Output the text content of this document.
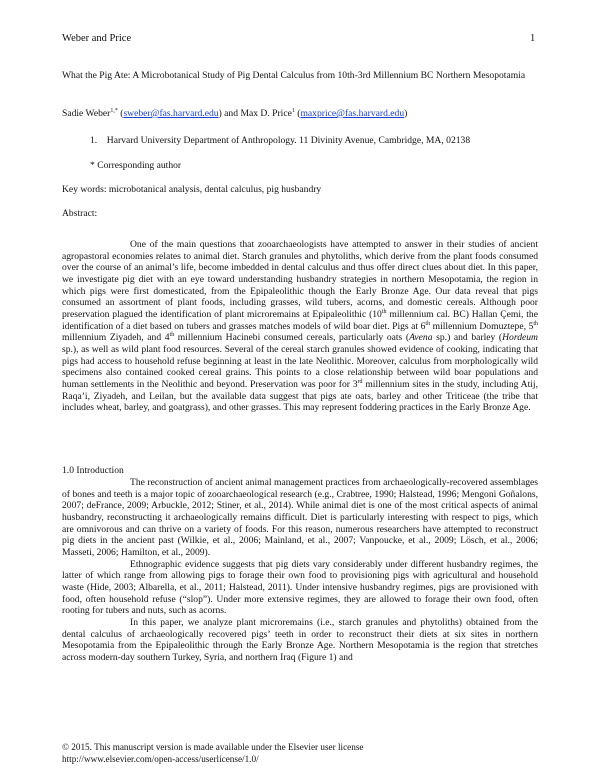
Weber and Price	1
What the Pig Ate: A Microbotanical Study of Pig Dental Calculus from 10th-3rd Millennium BC Northern Mesopotamia
Sadie Weber$^{1,*}$ (sweber@fas.harvard.edu) and Max D. Price$^1$ (maxprice@fas.harvard.edu)
1.    Harvard University Department of Anthropology. 11 Divinity Avenue, Cambridge, MA, 02138
* Corresponding author
Key words: microbotanical analysis, dental calculus, pig husbandry
Abstract:

One of the main questions that zooarchaeologists have attempted to answer in their studies of ancient agropastoral economies relates to animal diet. Starch granules and phytoliths, which derive from the plant foods consumed over the course of an animal’s life, become imbedded in dental calculus and thus offer direct clues about diet. In this paper, we investigate pig diet with an eye toward understanding husbandry strategies in northern Mesopotamia, the region in which pigs were first domesticated, from the Epipaleolithic though the Early Bronze Age. Our data reveal that pigs consumed an assortment of plant foods, including grasses, wild tubers, acorns, and domestic cereals. Although poor preservation plagued the identification of plant microremains at Epipaleolithic (10th millennium cal. BC) Hallan Çemi, the identification of a diet based on tubers and grasses matches models of wild boar diet. Pigs at 6th millennium Domuztepe, 5th millennium Ziyadeh, and 4th millennium Hacinebi consumed cereals, particularly oats (Avena sp.) and barley (Hordeum sp.), as well as wild plant food resources. Several of the cereal starch granules showed evidence of cooking, indicating that pigs had access to household refuse beginning at least in the late Neolithic. Moreover, calculus from morphologically wild specimens also contained cooked cereal grains. This points to a close relationship between wild boar populations and human settlements in the Neolithic and beyond. Preservation was poor for 3rd millennium sites in the study, including Atij, Raqa’i, Ziyadeh, and Leilan, but the available data suggest that pigs ate oats, barley and other Triticeae (the tribe that includes wheat, barley, and goatgrass), and other grasses. This may represent foddering practices in the Early Bronze Age.

1.0 Introduction

The reconstruction of ancient animal management practices from archaeologically-recovered assemblages of bones and teeth is a major topic of zooarchaeological research (e.g., Crabtree, 1990; Halstead, 1996; Mengoni Goñalons, 2007; deFrance, 2009; Arbuckle, 2012; Stiner, et al., 2014). While animal diet is one of the most critical aspects of animal husbandry, reconstructing it archaeologically remains difficult. Diet is particularly interesting with respect to pigs, which are omnivorous and can thrive on a variety of foods. For this reason, numerous researchers have attempted to reconstruct pig diets in the ancient past (Wilkie, et al., 2006; Mainland, et al., 2007; Vanpoucke, et al., 2009; Lösch, et al., 2006; Masseti, 2006; Hamilton, et al., 2009).

Ethnographic evidence suggests that pig diets vary considerably under different husbandry regimes, the latter of which range from allowing pigs to forage their own food to provisioning pigs with agricultural and household waste (Hide, 2003; Albarella, et al., 2011; Halstead, 2011). Under intensive husbandry regimes, pigs are provisioned with food, often household refuse (“slop”). Under more extensive regimes, they are allowed to forage their own food, often rooting for tubers and nuts, such as acorns.

In this paper, we analyze plant microremains (i.e., starch granules and phytoliths) obtained from the dental calculus of archaeologically recovered pigs’ teeth in order to reconstruct their diets at six sites in northern Mesopotamia from the Epipaleolithic through the Early Bronze Age. Northern Mesopotamia is the region that stretches across modern-day southern Turkey, Syria, and northern Iraq (Figure 1) and

© 2015. This manuscript version is made available under the Elsevier user license
http://www.elsevier.com/open-access/userlicense/1.0/
